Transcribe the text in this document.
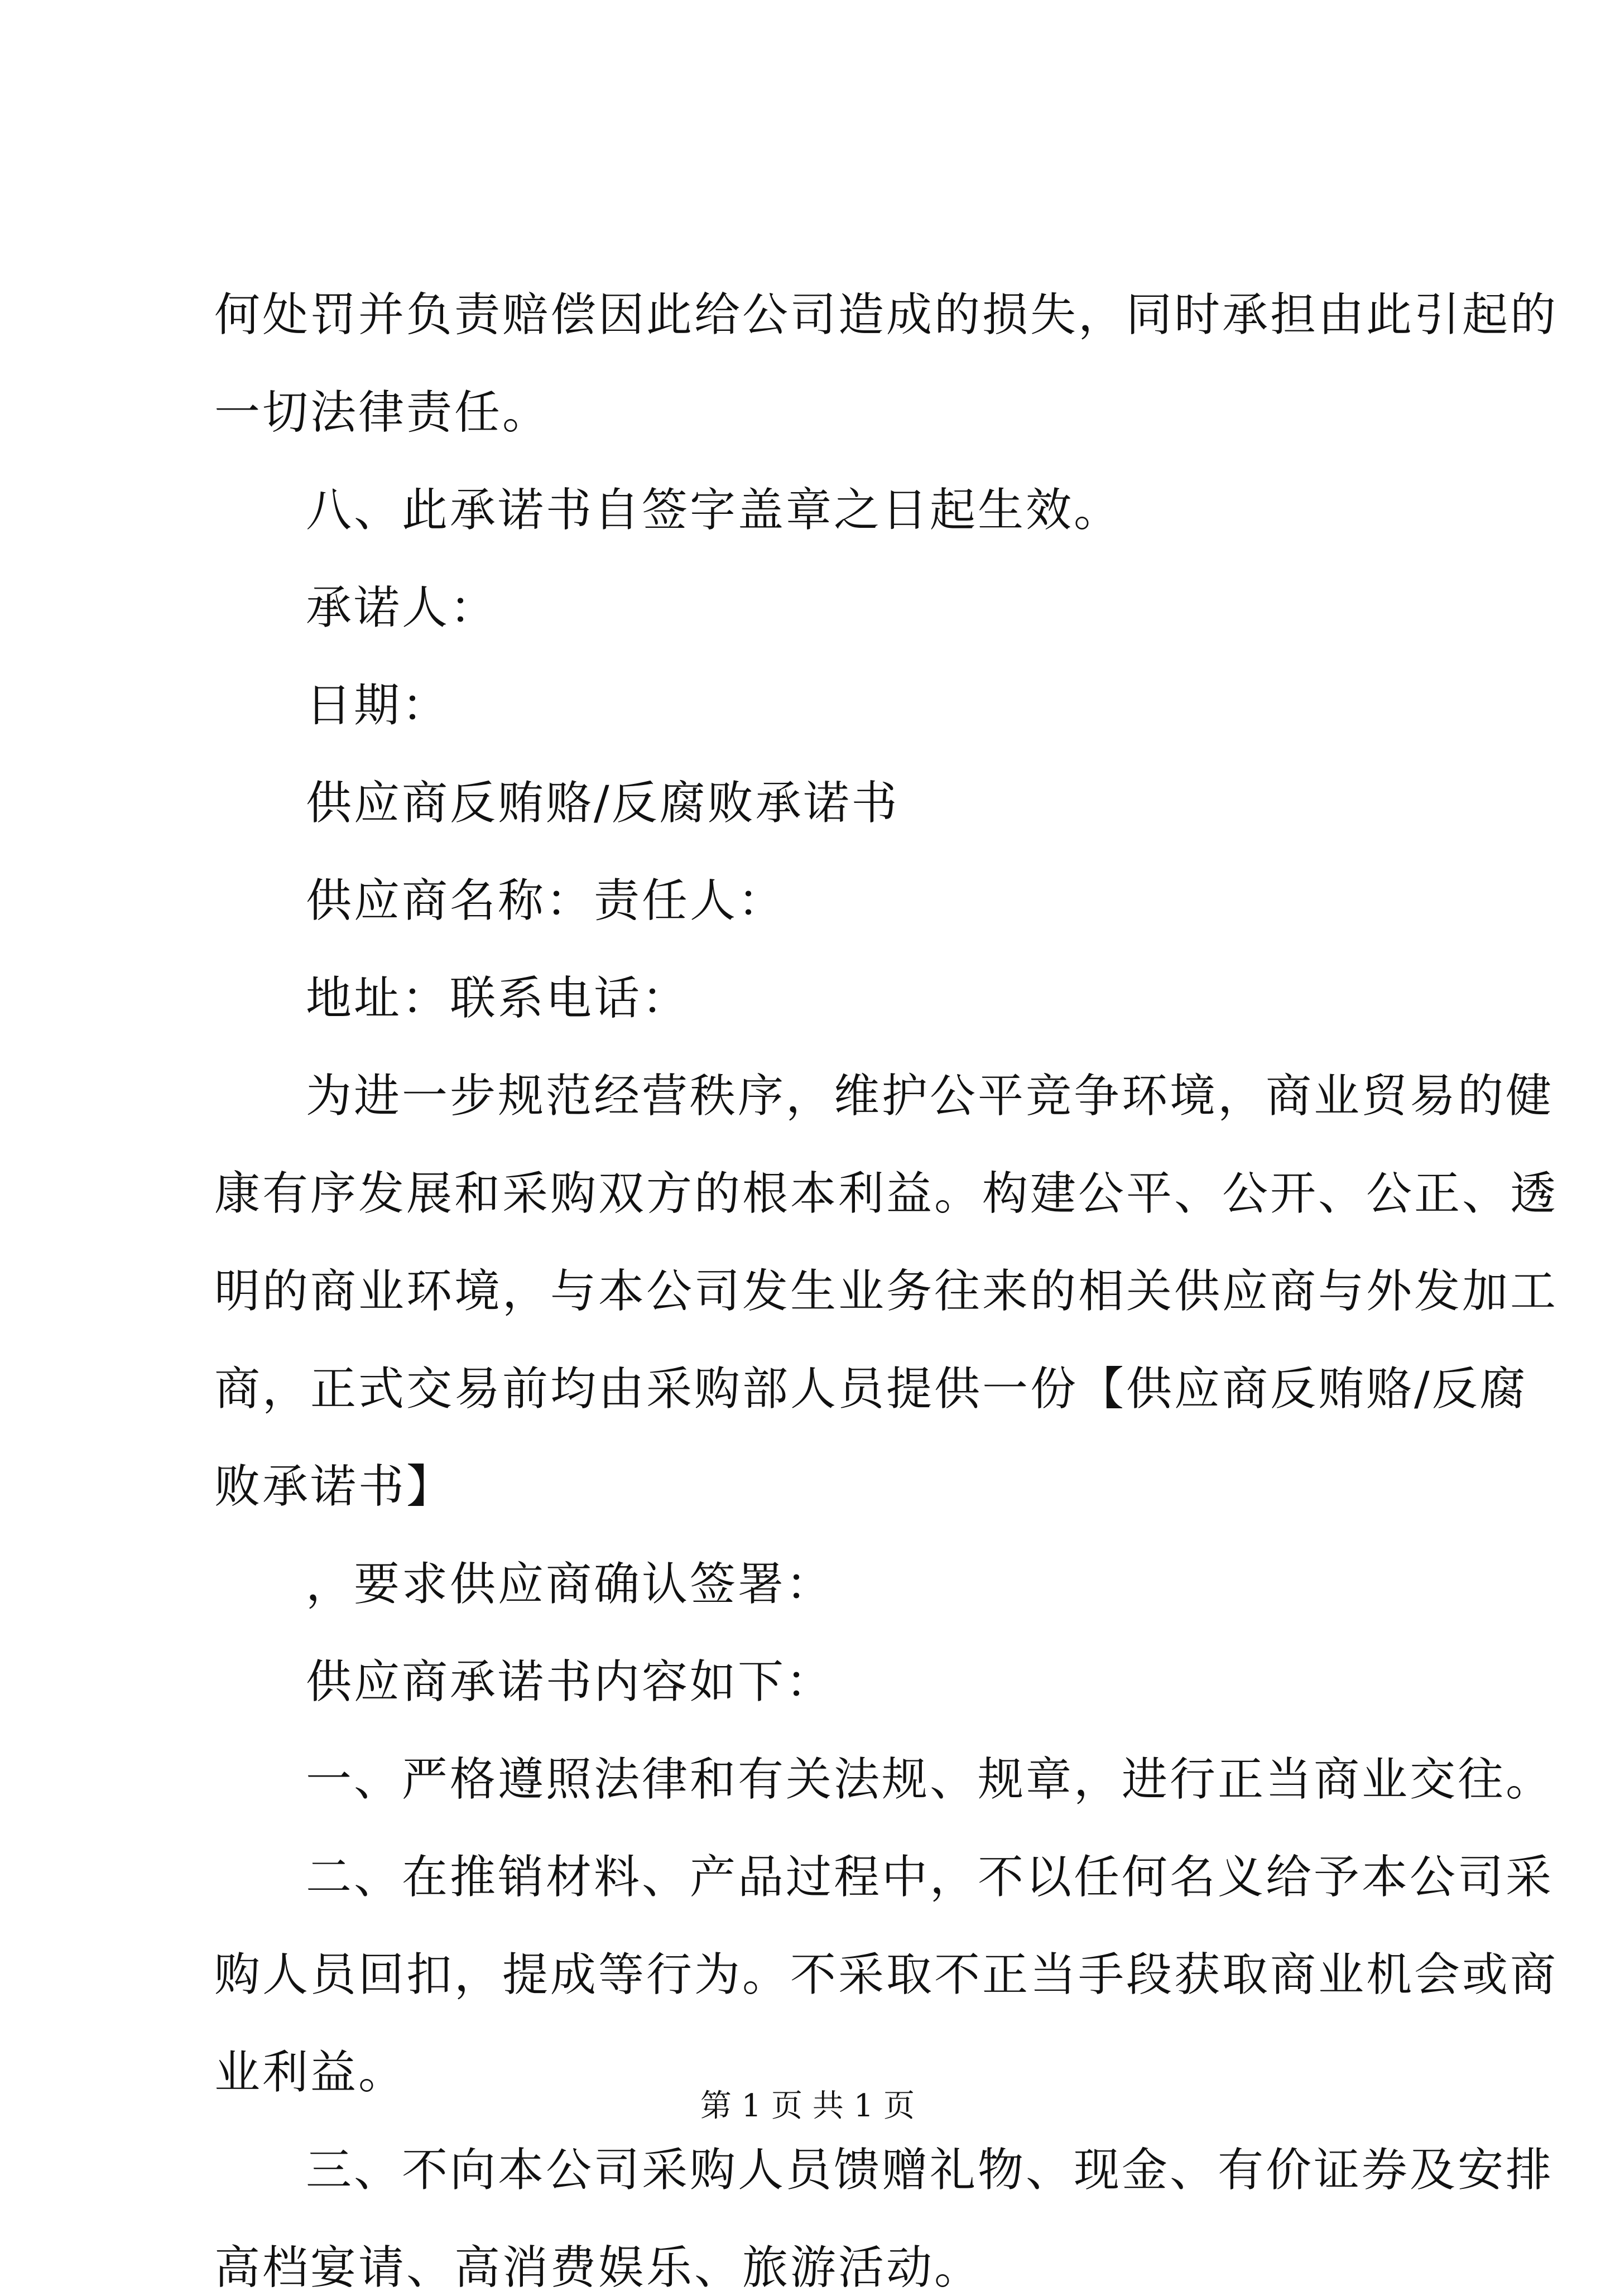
何处罚并负责赔偿因此给公司造成的损失，同时承担由此引起的
一切法律责任。
八、此承诺书自签字盖章之日起生效。
承诺人：
日期：
供应商反贿赂/反腐败承诺书
供应商名称：责任人：
地址：联系电话：
为进一步规范经营秩序，维护公平竞争环境，商业贸易的健
康有序发展和采购双方的根本利益。构建公平、公开、公正、透
明的商业环境，与本公司发生业务往来的相关供应商与外发加工
商，正式交易前均由采购部人员提供一份【供应商反贿赂/反腐
败承诺书】
，要求供应商确认签署：
供应商承诺书内容如下：
一、严格遵照法律和有关法规、规章，进行正当商业交往。
二、在推销材料、产品过程中，不以任何名义给予本公司采
购人员回扣，提成等行为。不采取不正当手段获取商业机会或商
业利益。
三、不向本公司采购人员馈赠礼物、现金、有价证券及安排
高档宴请、高消费娱乐、旅游活动。
第 1 页 共 1 页
